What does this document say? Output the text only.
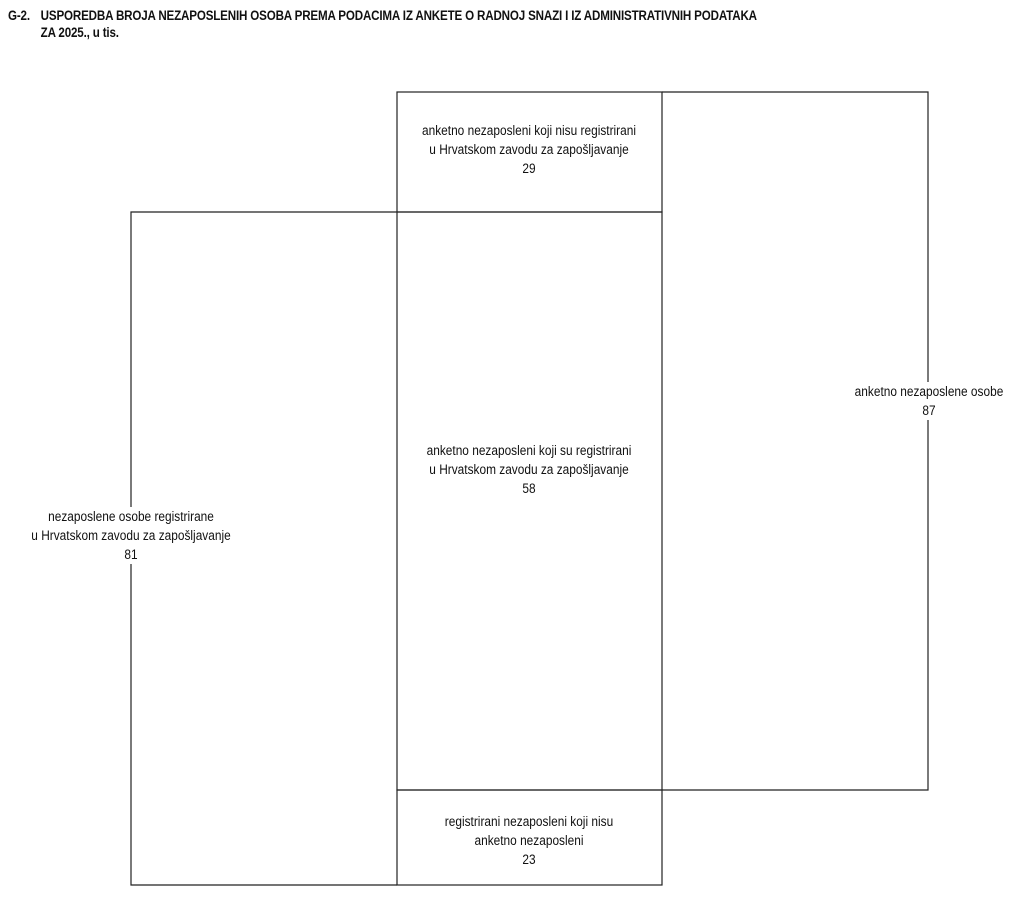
G-2. USPOREDBA BROJA NEZAPOSLENIH OSOBA PREMA PODACIMA IZ ANKETE O RADNOJ SNAZI I IZ ADMINISTRATIVNIH PODATAKA
ZA 2025., u tis.
anketno nezaposleni koji nisu registrirani
u Hrvatskom zavodu za zapošljavanje
29
anketno nezaposleni koji su registrirani
u Hrvatskom zavodu za zapošljavanje
58
registrirani nezaposleni koji nisu
anketno nezaposleni
23
nezaposlene osobe registrirane
u Hrvatskom zavodu za zapošljavanje
81
anketno nezaposlene osobe
87
